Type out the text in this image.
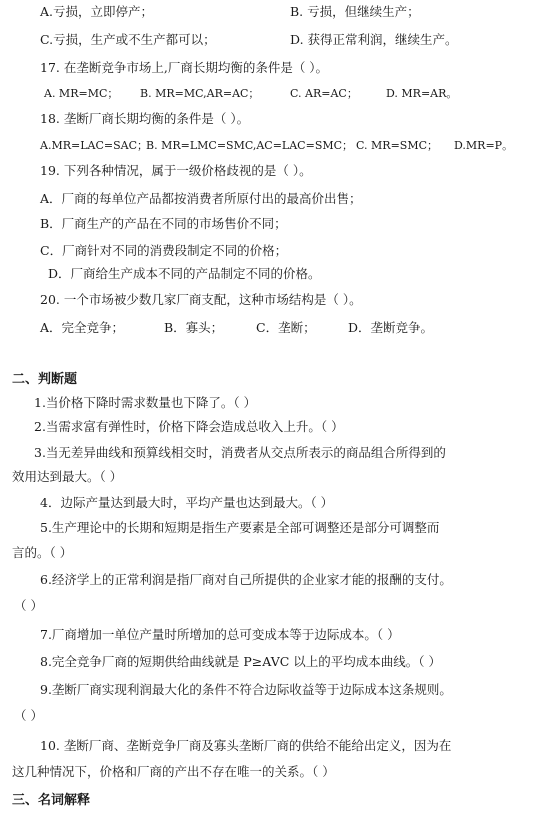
A.亏损，立即停产；	B. 亏损，但继续生产；
C.亏损，生产或不生产都可以；	D. 获得正常利润，继续生产。
17. 在垄断竞争市场上,厂商长期均衡的条件是（ ）。
A. MR=MC； B. MR=MC,AR=AC；	C. AR=AC；	D. MR=AR。
18. 垄断厂商长期均衡的条件是（ ）。
A.MR=LAC=SAC；
B. MR=LMC=SMC,AC=LAC=SMC； C. MR=SMC； D.MR=P。
19. 下列各种情况，属于一级价格歧视的是（ ）。
A．厂商的每单位产品都按消费者所原付出的最高价出售；
B．厂商生产的产品在不同的市场售价不同；
C．厂商针对不同的消费段制定不同的价格；
D．厂商给生产成本不同的产品制定不同的价格。
20. 一个市场被少数几家厂商支配，这种市场结构是（ ）。
A．完全竞争；	B．寡头；	C．垄断；	D．垄断竞争。
二、判断题
1.当价格下降时需求数量也下降了。（ ）
2.当需求富有弹性时，价格下降会造成总收入上升。（ ）
3.当无差异曲线和预算线相交时，消费者从交点所表示的商品组合所得到的
效用达到最大。（ ）
4．边际产量达到最大时，平均产量也达到最大。（ ）
5.生产理论中的长期和短期是指生产要素是全部可调整还是部分可调整而
言的。（ ）
6.经济学上的正常利润是指厂商对自己所提供的企业家才能的报酬的支付。
（ ）
7.厂商增加一单位产量时所增加的总可变成本等于边际成本。（ ）
8.完全竞争厂商的短期供给曲线就是 P≥AVC 以上的平均成本曲线。（ ）
9.垄断厂商实现利润最大化的条件不符合边际收益等于边际成本这条规则。
（ ）
10. 垄断厂商、垄断竞争厂商及寡头垄断厂商的供给不能给出定义，因为在
这几种情况下，价格和厂商的产出不存在唯一的关系。（ ）
三、名词解释
